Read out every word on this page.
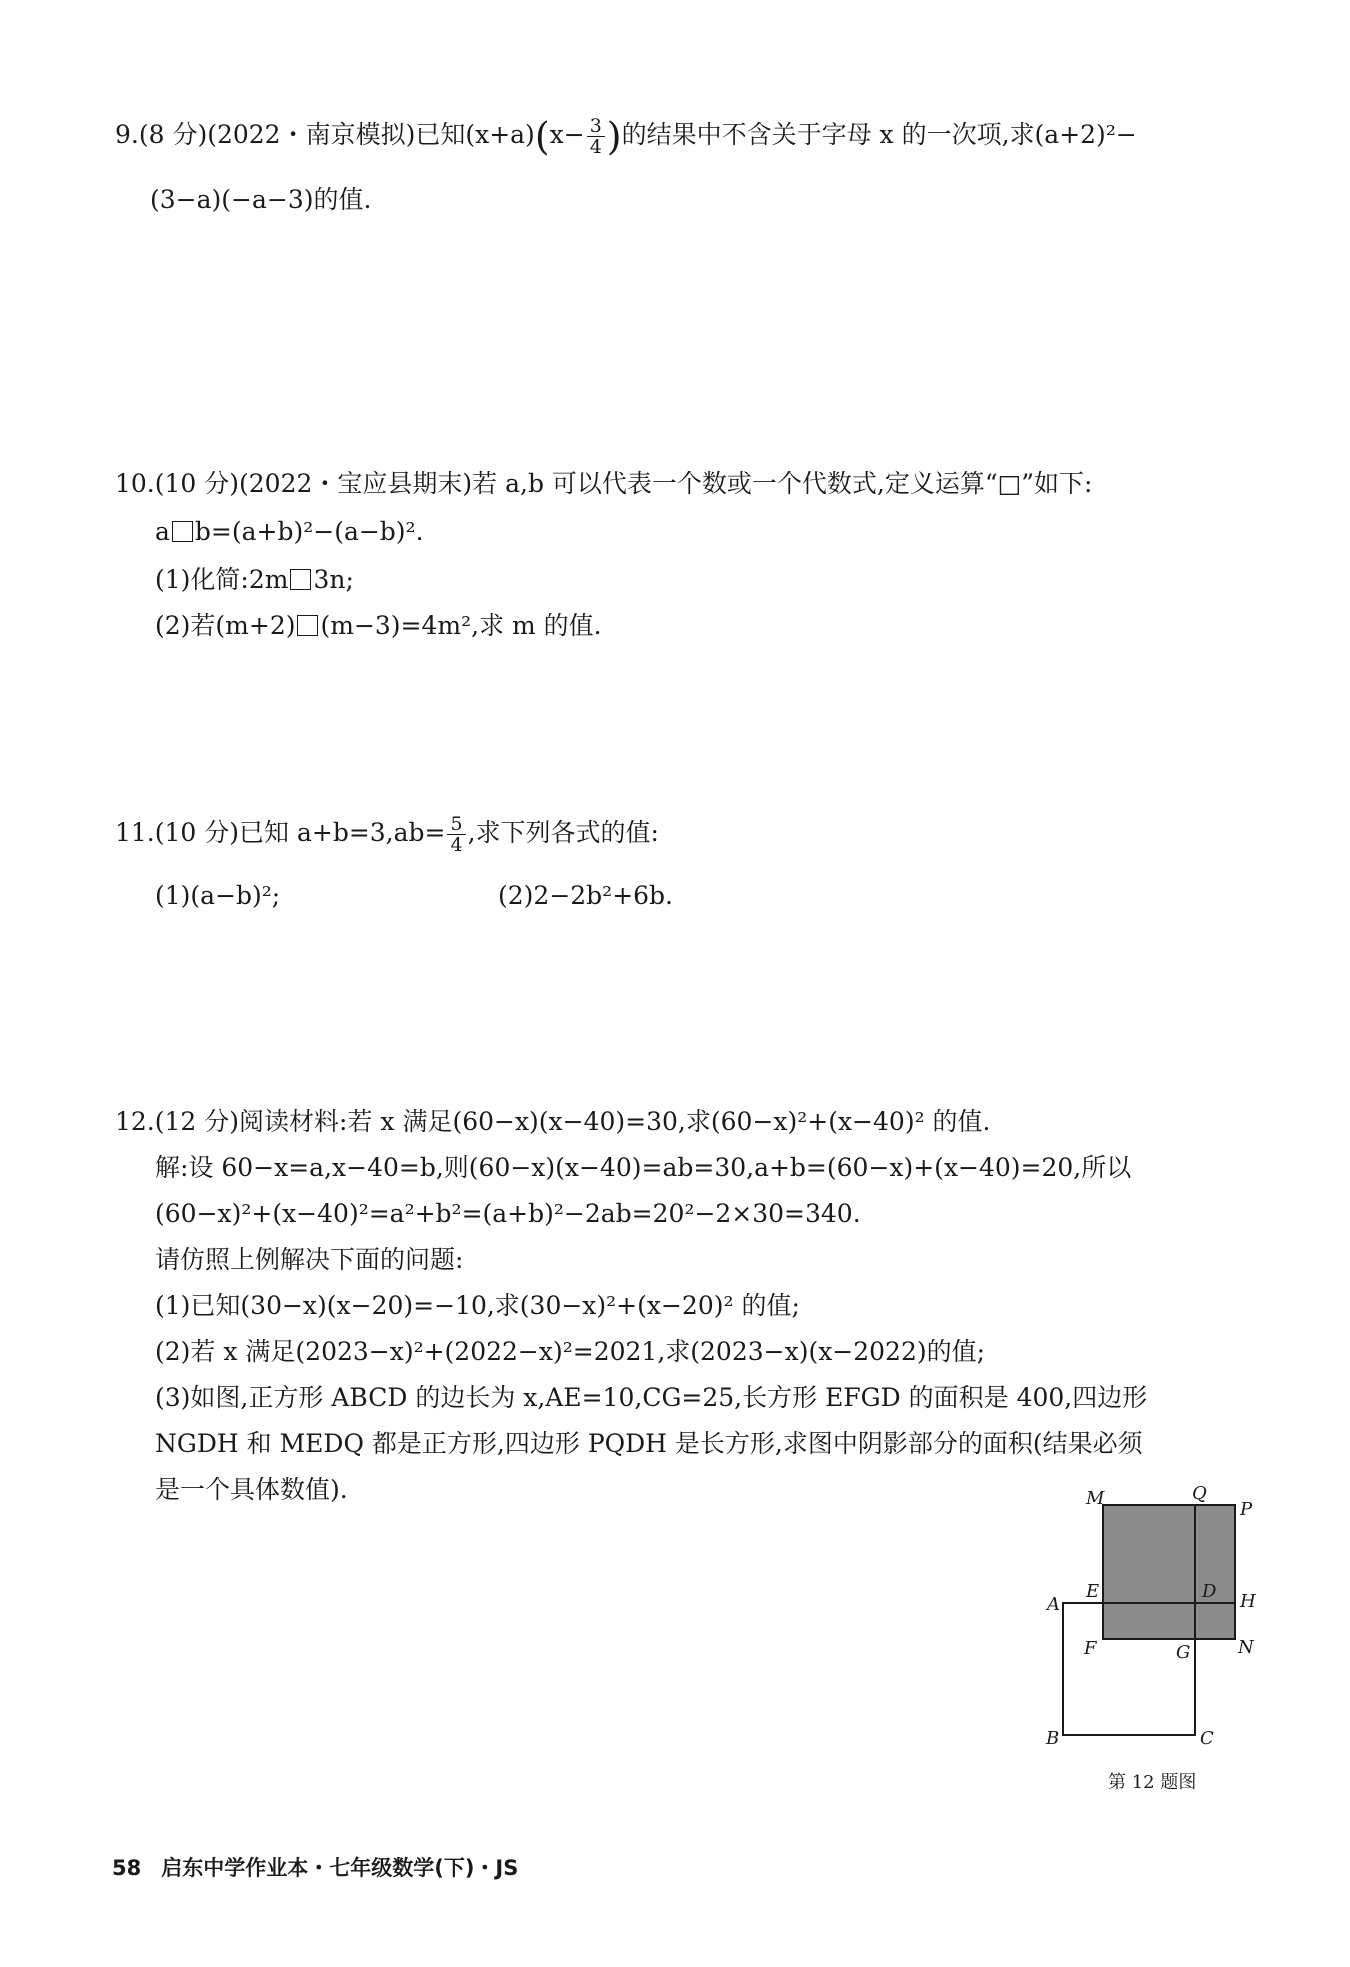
9.(8 分)(2022・南京模拟)已知$(x+a)(x- \frac{3}{4}$ )的结果中不含关于字母 x 的一次项,求(a+2)²−
(3−a)(−a−3)的值.
10.(10 分)(2022・宝应县期末)若 a,b 可以代表一个数或一个代数式,定义运算“□”如下:
a b=(a+b)²−(a−b)².
(1)化简:2m 3n;
(2)若(m+2) (m−3)=4m²,求 m 的值.
11.(10 分)已知 $a+b=3,ab= \frac{5}{4}$ ,求下列各式的值:
(1)(a−b)²;	(2)2−2b²+6b.
12.(12 分)阅读材料:若 x 满足(60−x)(x−40)=30,求(60−x)²+(x−40)² 的值.
解:设 60−x=a,x−40=b,则(60−x)(x−40)=ab=30,a+b=(60−x)+(x−40)=20,所以
(60−x)²+(x−40)²=a²+b²=(a+b)²−2ab=20²−2×30=340.
请仿照上例解决下面的问题:
(1)已知(30−x)(x−20)=−10,求(30−x)²+(x−20)² 的值;
(2)若 x 满足(2023−x)²+(2022−x)²=2021,求(2023−x)(x−2022)的值;
(3)如图,正方形 ABCD 的边长为 x,AE=10,CG=25,长方形 EFGD 的面积是 400,四边形
NGDH 和 MEDQ 都是正方形,四边形 PQDH 是长方形,求图中阴影部分的面积(结果必须
是一个具体数值).	M	Q
P
A
E	D H
F	G	N
B	C
第 12 题图
58 启东中学作业本・七年级数学(下)・JS
